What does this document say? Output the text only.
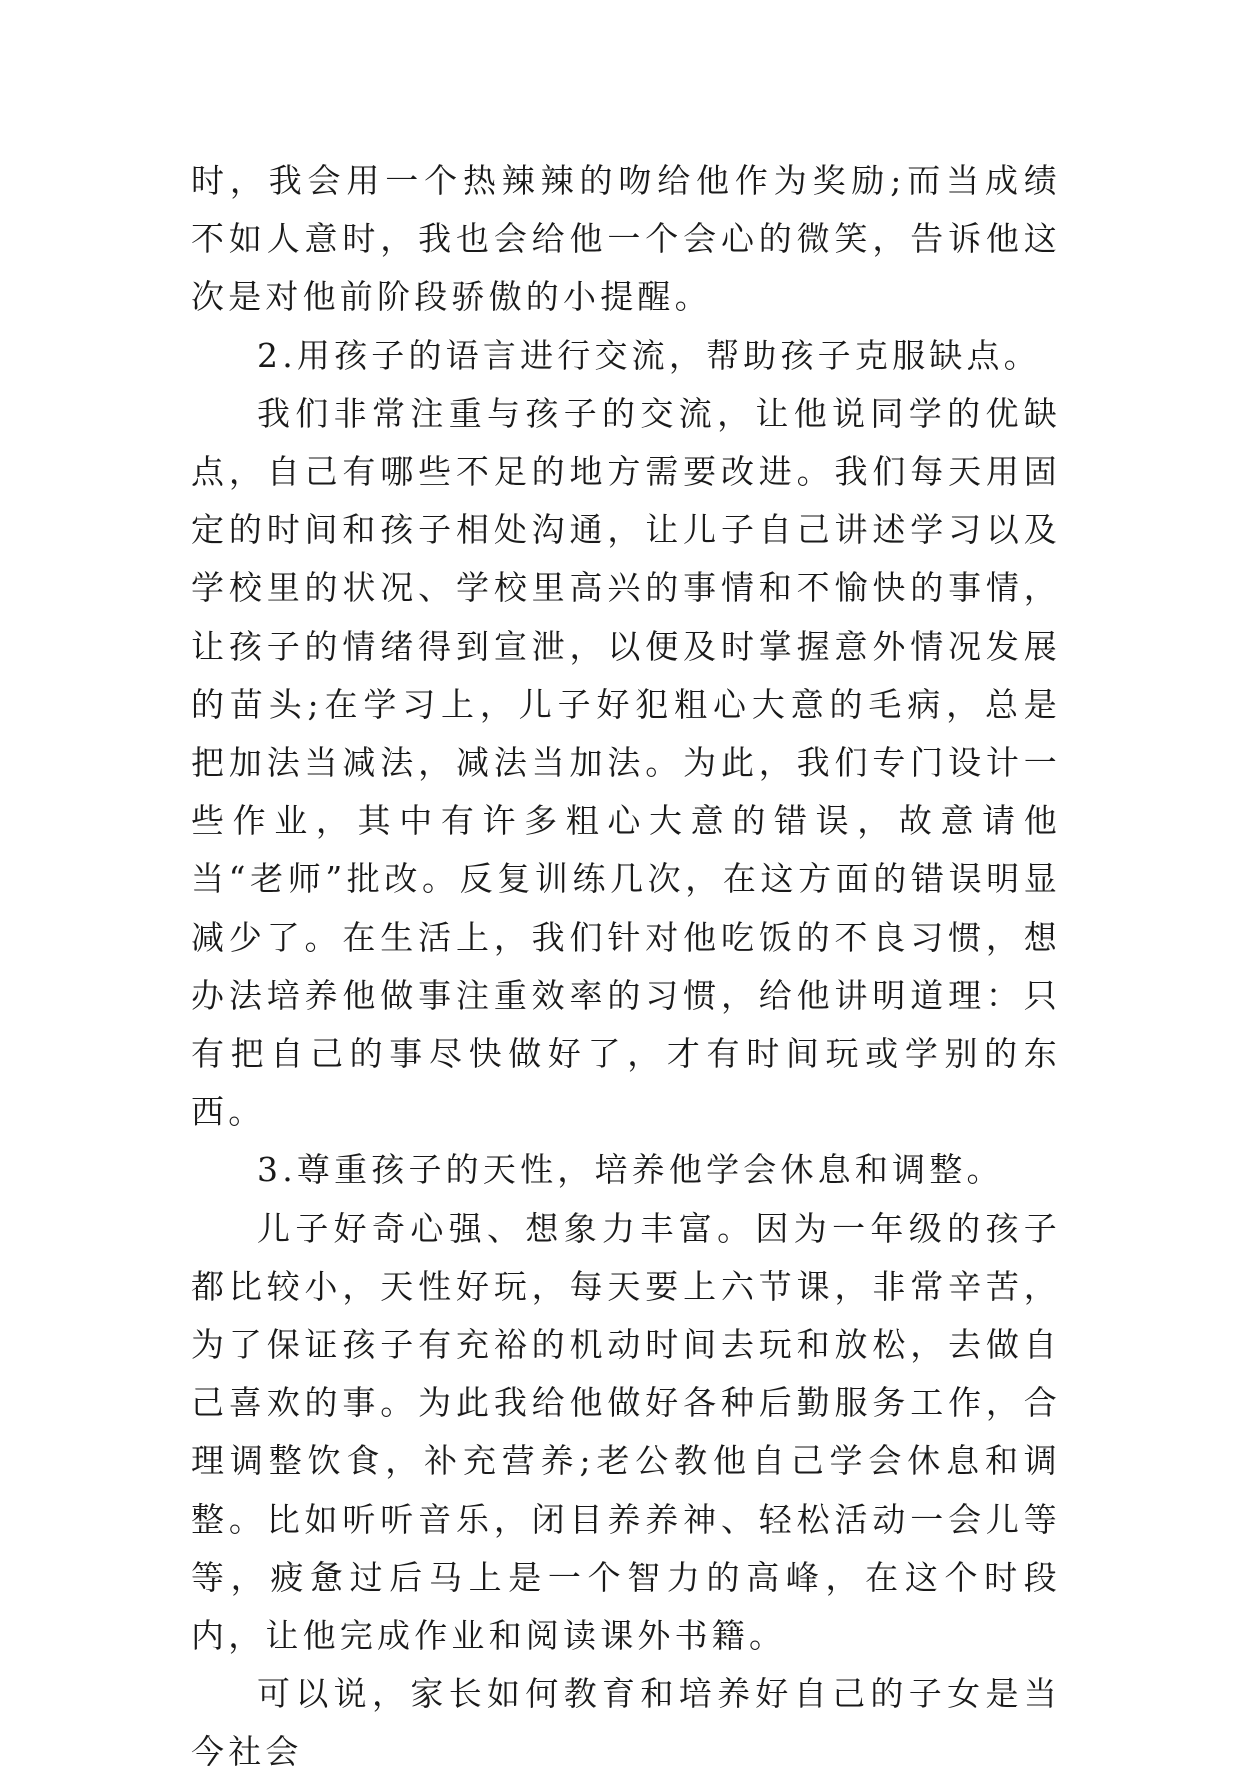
时，我会用一个热辣辣的吻给他作为奖励;而当成绩不如人意时，我也会给他一个会心的微笑，告诉他这次是对他前阶段骄傲的小提醒。

2.用孩子的语言进行交流，帮助孩子克服缺点。

我们非常注重与孩子的交流，让他说同学的优缺点，自己有哪些不足的地方需要改进。我们每天用固定的时间和孩子相处沟通，让儿子自己讲述学习以及学校里的状况、学校里高兴的事情和不愉快的事情，让孩子的情绪得到宣泄，以便及时掌握意外情况发展的苗头;在学习上，儿子好犯粗心大意的毛病，总是把加法当减法，减法当加法。为此，我们专门设计一些作业，其中有许多粗心大意的错误，故意请他当“老师”批改。反复训练几次，在这方面的错误明显减少了。在生活上，我们针对他吃饭的不良习惯，想办法培养他做事注重效率的习惯，给他讲明道理：只有把自己的事尽快做好了，才有时间玩或学别的东西。

3.尊重孩子的天性，培养他学会休息和调整。

儿子好奇心强、想象力丰富。因为一年级的孩子都比较小，天性好玩，每天要上六节课，非常辛苦，为了保证孩子有充裕的机动时间去玩和放松，去做自己喜欢的事。为此我给他做好各种后勤服务工作，合理调整饮食，补充营养;老公教他自己学会休息和调整。比如听听音乐，闭目养养神、轻松活动一会儿等等，疲惫过后马上是一个智力的高峰，在这个时段内，让他完成作业和阅读课外书籍。

可以说，家长如何教育和培养好自己的子女是当今社会
